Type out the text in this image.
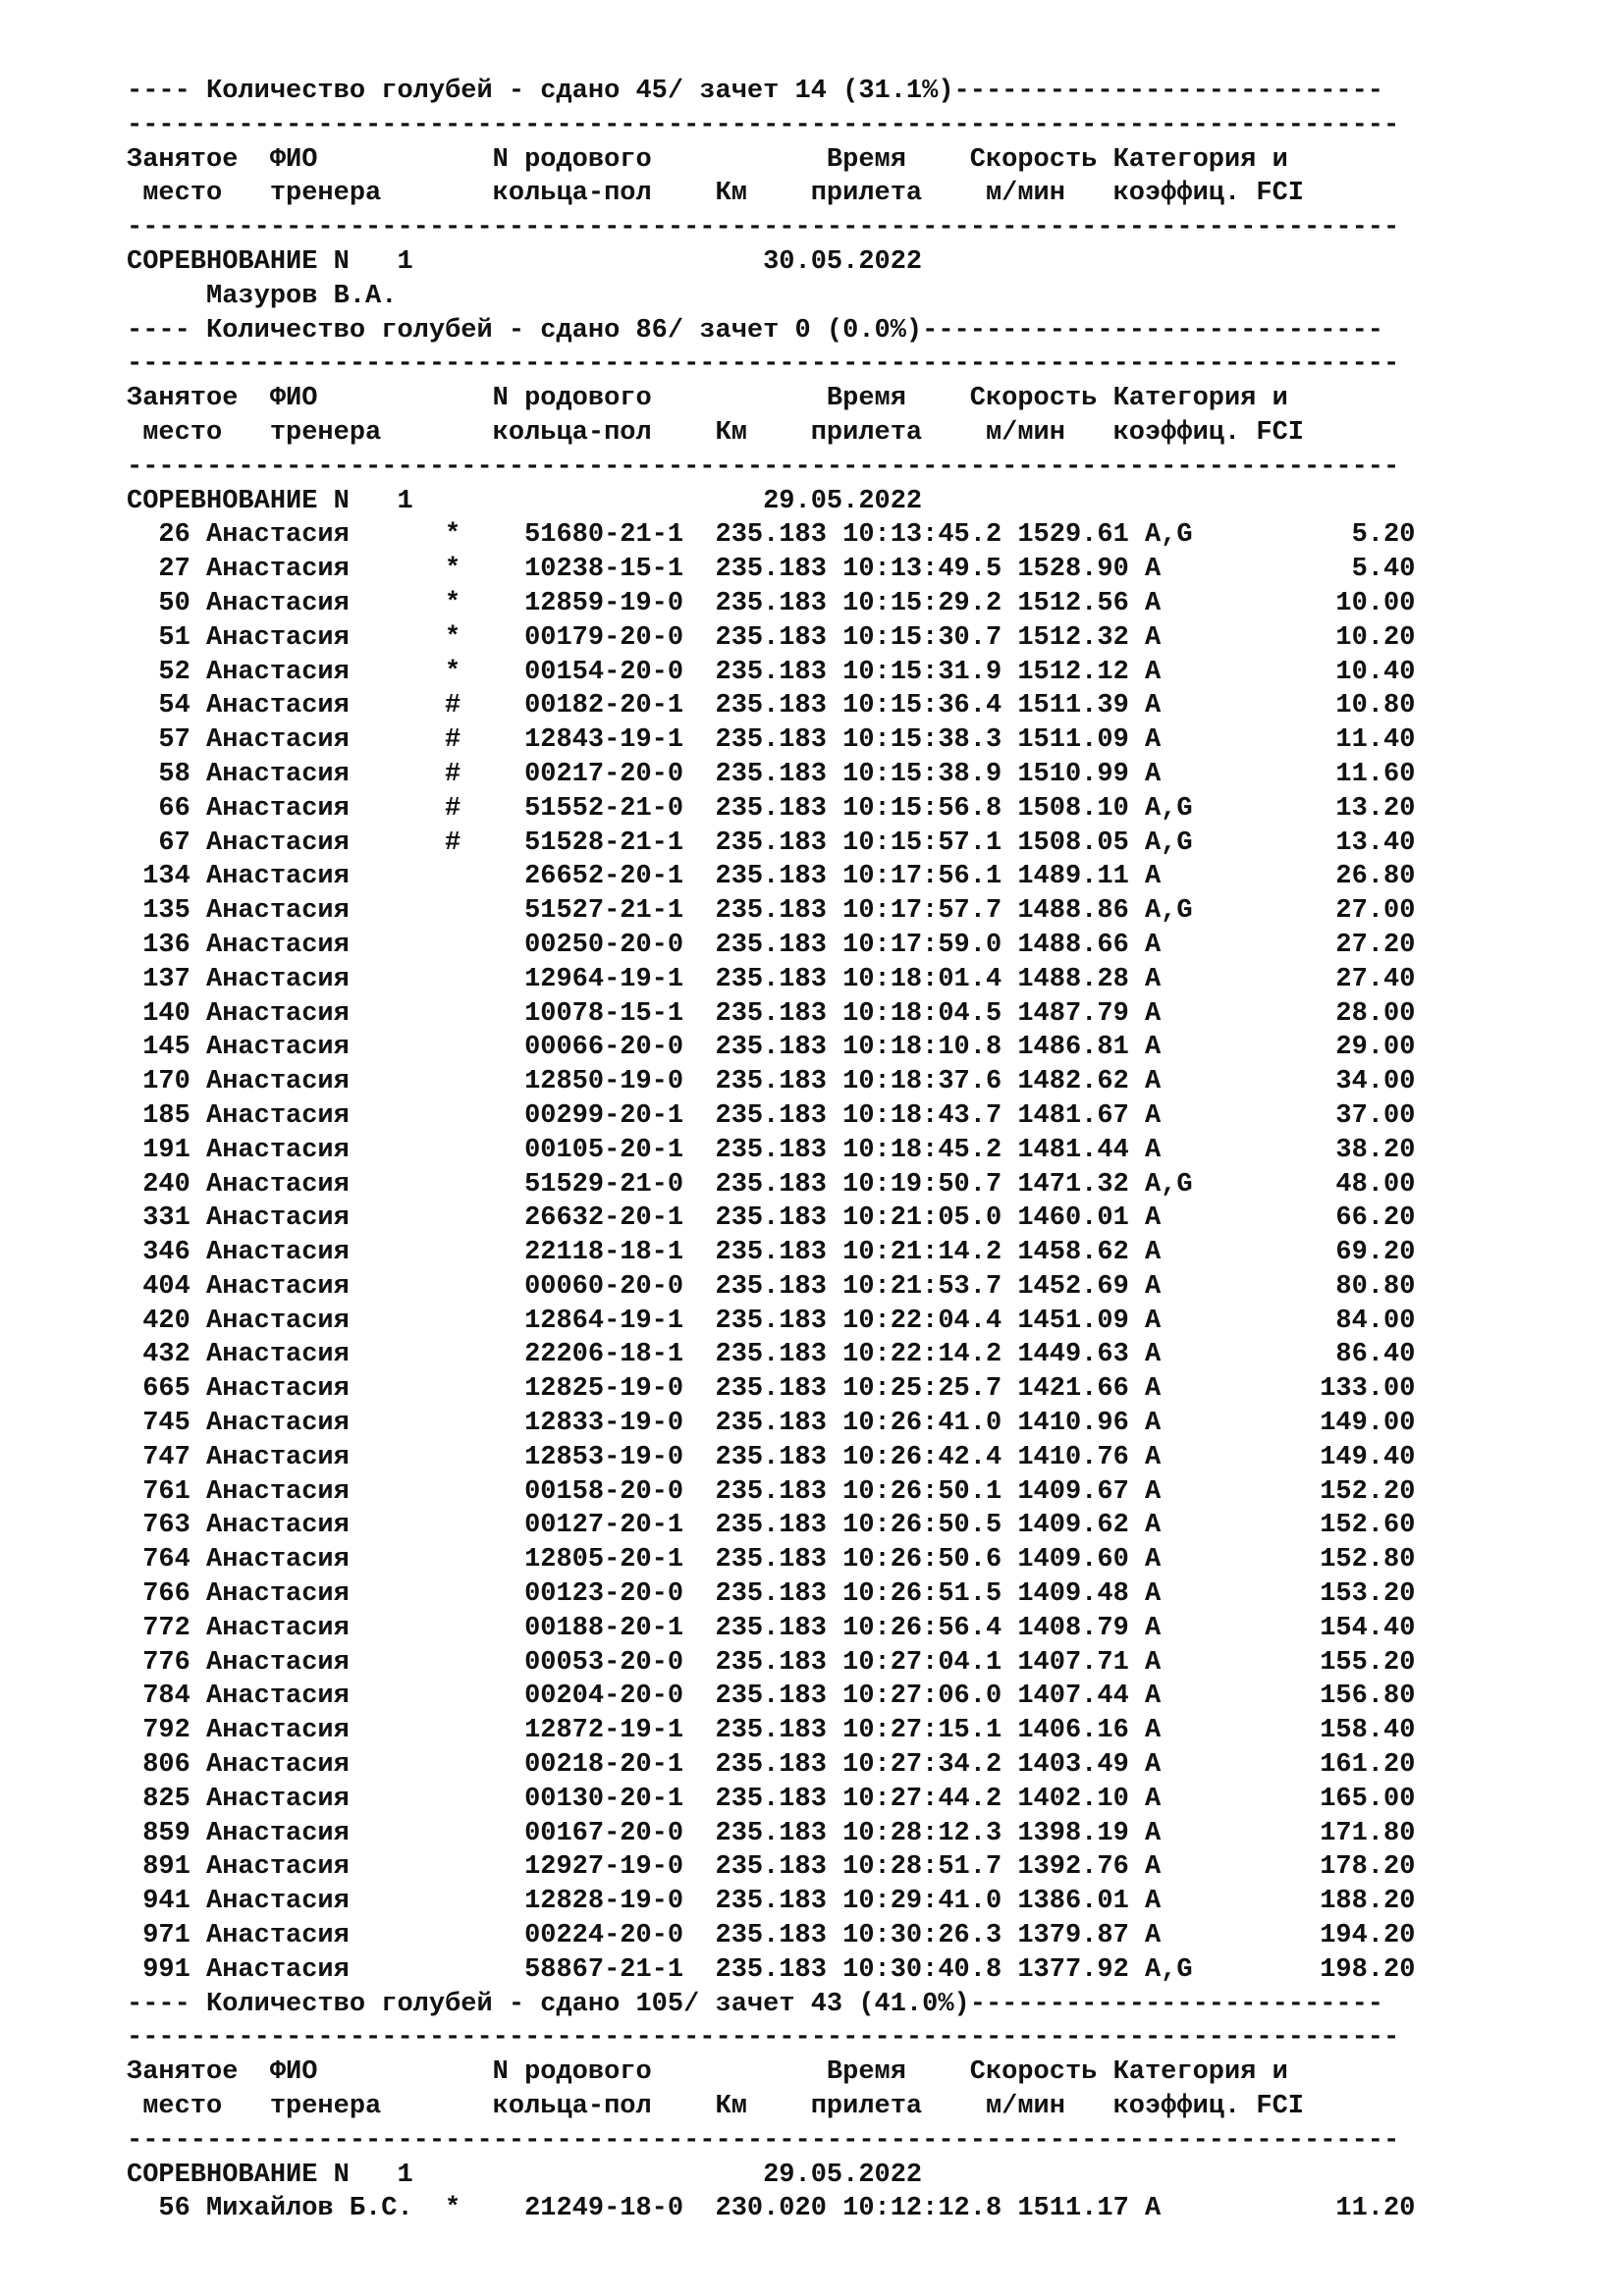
---- Количество голубей - сдано 45/ зачет 14 (31.1%)---------------------------
--------------------------------------------------------------------------------
Занятое  ФИО           N родового           Время    Скорость Категория и
место   тренера       кольца-пол    Км    прилета    м/мин   коэффиц. FCI
--------------------------------------------------------------------------------
СОРЕВНОВАНИЕ N   1                      30.05.2022
Мазуров В.А.
---- Количество голубей - сдано 86/ зачет 0 (0.0%)-----------------------------
--------------------------------------------------------------------------------
Занятое  ФИО           N родового           Время    Скорость Категория и
место   тренера       кольца-пол    Км    прилета    м/мин   коэффиц. FCI
--------------------------------------------------------------------------------
СОРЕВНОВАНИЕ N   1                      29.05.2022
26 Анастасия      *    51680-21-1  235.183 10:13:45.2 1529.61 A,G          5.20
27 Анастасия      *    10238-15-1  235.183 10:13:49.5 1528.90 A            5.40
50 Анастасия      *    12859-19-0  235.183 10:15:29.2 1512.56 A           10.00
51 Анастасия      *    00179-20-0  235.183 10:15:30.7 1512.32 A           10.20
52 Анастасия      *    00154-20-0  235.183 10:15:31.9 1512.12 A           10.40
54 Анастасия      #    00182-20-1  235.183 10:15:36.4 1511.39 A           10.80
57 Анастасия      #    12843-19-1  235.183 10:15:38.3 1511.09 A           11.40
58 Анастасия      #    00217-20-0  235.183 10:15:38.9 1510.99 A           11.60
66 Анастасия      #    51552-21-0  235.183 10:15:56.8 1508.10 A,G         13.20
67 Анастасия      #    51528-21-1  235.183 10:15:57.1 1508.05 A,G         13.40
134 Анастасия           26652-20-1  235.183 10:17:56.1 1489.11 A           26.80
135 Анастасия           51527-21-1  235.183 10:17:57.7 1488.86 A,G         27.00
136 Анастасия           00250-20-0  235.183 10:17:59.0 1488.66 A           27.20
137 Анастасия           12964-19-1  235.183 10:18:01.4 1488.28 A           27.40
140 Анастасия           10078-15-1  235.183 10:18:04.5 1487.79 A           28.00
145 Анастасия           00066-20-0  235.183 10:18:10.8 1486.81 A           29.00
170 Анастасия           12850-19-0  235.183 10:18:37.6 1482.62 A           34.00
185 Анастасия           00299-20-1  235.183 10:18:43.7 1481.67 A           37.00
191 Анастасия           00105-20-1  235.183 10:18:45.2 1481.44 A           38.20
240 Анастасия           51529-21-0  235.183 10:19:50.7 1471.32 A,G         48.00
331 Анастасия           26632-20-1  235.183 10:21:05.0 1460.01 A           66.20
346 Анастасия           22118-18-1  235.183 10:21:14.2 1458.62 A           69.20
404 Анастасия           00060-20-0  235.183 10:21:53.7 1452.69 A           80.80
420 Анастасия           12864-19-1  235.183 10:22:04.4 1451.09 A           84.00
432 Анастасия           22206-18-1  235.183 10:22:14.2 1449.63 A           86.40
665 Анастасия           12825-19-0  235.183 10:25:25.7 1421.66 A          133.00
745 Анастасия           12833-19-0  235.183 10:26:41.0 1410.96 A          149.00
747 Анастасия           12853-19-0  235.183 10:26:42.4 1410.76 A          149.40
761 Анастасия           00158-20-0  235.183 10:26:50.1 1409.67 A          152.20
763 Анастасия           00127-20-1  235.183 10:26:50.5 1409.62 A          152.60
764 Анастасия           12805-20-1  235.183 10:26:50.6 1409.60 A          152.80
766 Анастасия           00123-20-0  235.183 10:26:51.5 1409.48 A          153.20
772 Анастасия           00188-20-1  235.183 10:26:56.4 1408.79 A          154.40
776 Анастасия           00053-20-0  235.183 10:27:04.1 1407.71 A          155.20
784 Анастасия           00204-20-0  235.183 10:27:06.0 1407.44 A          156.80
792 Анастасия           12872-19-1  235.183 10:27:15.1 1406.16 A          158.40
806 Анастасия           00218-20-1  235.183 10:27:34.2 1403.49 A          161.20
825 Анастасия           00130-20-1  235.183 10:27:44.2 1402.10 A          165.00
859 Анастасия           00167-20-0  235.183 10:28:12.3 1398.19 A          171.80
891 Анастасия           12927-19-0  235.183 10:28:51.7 1392.76 A          178.20
941 Анастасия           12828-19-0  235.183 10:29:41.0 1386.01 A          188.20
971 Анастасия           00224-20-0  235.183 10:30:26.3 1379.87 A          194.20
991 Анастасия           58867-21-1  235.183 10:30:40.8 1377.92 A,G        198.20
---- Количество голубей - сдано 105/ зачет 43 (41.0%)--------------------------
--------------------------------------------------------------------------------
Занятое  ФИО           N родового           Время    Скорость Категория и
место   тренера       кольца-пол    Км    прилета    м/мин   коэффиц. FCI
--------------------------------------------------------------------------------
СОРЕВНОВАНИЕ N   1                      29.05.2022
56 Михайлов Б.С.  *    21249-18-0  230.020 10:12:12.8 1511.17 A           11.20
